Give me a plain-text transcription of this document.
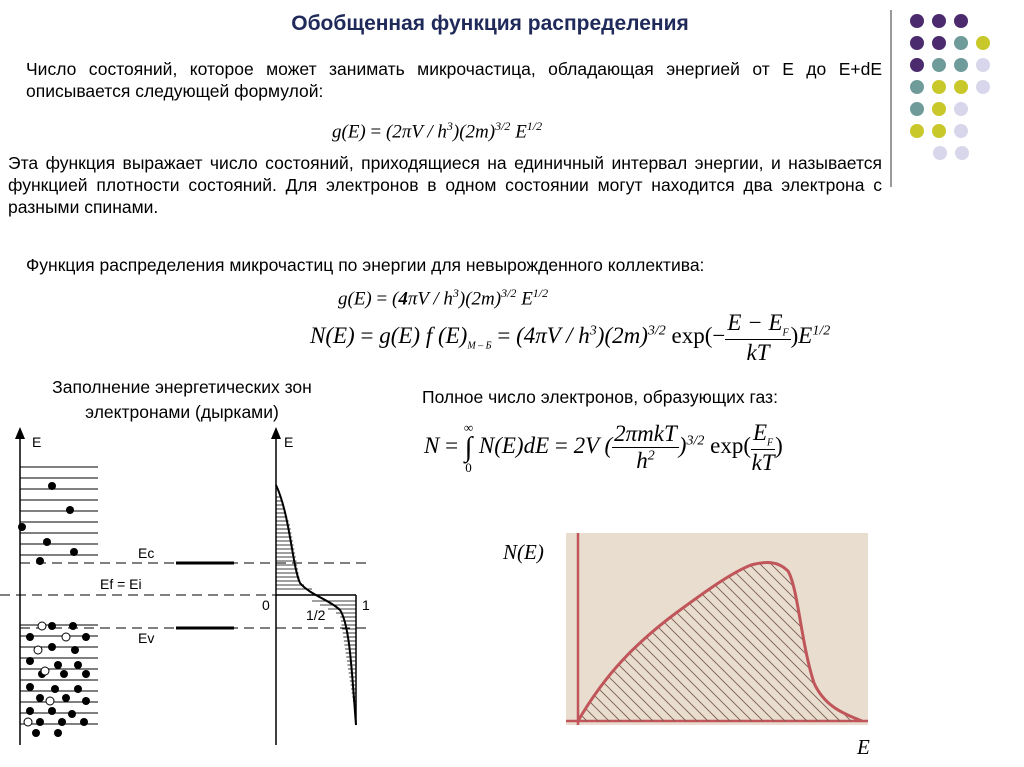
Обобщенная функция распределения
Число состояний, которое может занимать микрочастица, обладающая энергией от E до E+dE описывается следующей формулой:
$g(E) = (2\pi V / h^3)(2m)^{3/2}$ $E^{1/2}$
Эта функция выражает число состояний, приходящиеся на единичный интервал энергии, и называется функцией плотности состояний. Для электронов в одном состоянии могут находится два электрона с разными спинами.
Функция распределения микрочастиц по энергии для невырожденного коллектива:
$g(E) = (4\pi V / h^3)(2m)^{3/2}$ $E^{1/2}$
N(E) = g(E) f $(E)_{М - Б} = (4\pi V / h^3)(2m)^{3/2}$ $\exp(- \frac{E - E_F}{kT} )E^{1/2}$
Заполнение энергетических зон
электронами (дырками)
Полное число электронов, образующих газ:
N =
∞
∫
0
N(E)dE = 2V ( $\frac{\text{2πmkT}}{h^2} )^{3/2}$ $\exp( \frac{E_F}{kT}$ )
E	E
Ec
Ef = Ei
Ev
0	1
1/2
N(E)
E
